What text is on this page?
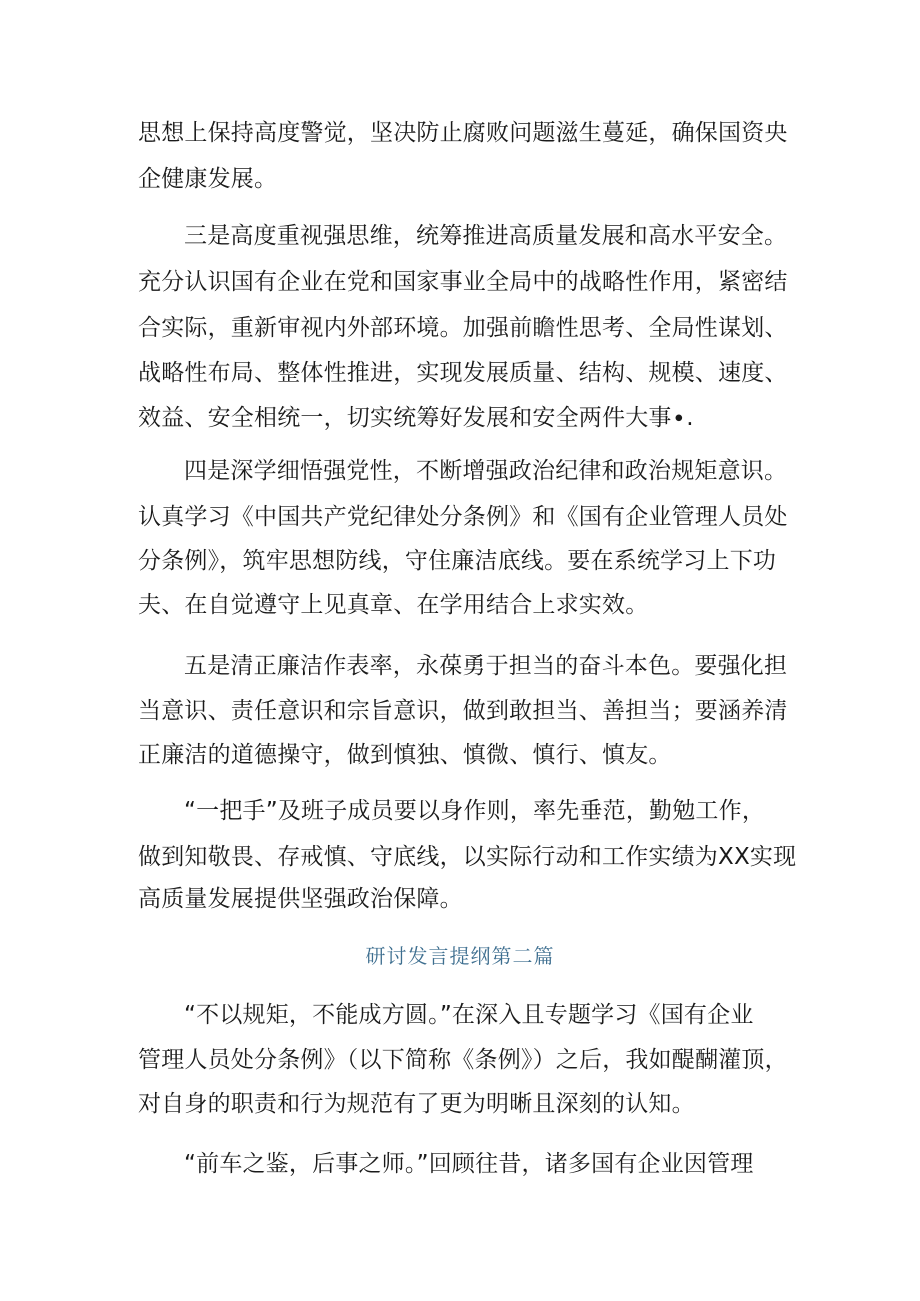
思想上保持高度警觉，坚决防止腐败问题滋生蔓延，确保国资央
企健康发展。
三是高度重视强思维，统筹推进高质量发展和高水平安全。
充分认识国有企业在党和国家事业全局中的战略性作用，紧密结
合实际，重新审视内外部环境。加强前瞻性思考、全局性谋划、
战略性布局、整体性推进，实现发展质量、结构、规模、速度、
效益、安全相统一，切实统筹好发展和安全两件大事∙.
四是深学细悟强党性，不断增强政治纪律和政治规矩意识。
认真学习《中国共产党纪律处分条例》和《国有企业管理人员处
分条例》，筑牢思想防线，守住廉洁底线。要在系统学习上下功
夫、在自觉遵守上见真章、在学用结合上求实效。
五是清正廉洁作表率，永葆勇于担当的奋斗本色。要强化担
当意识、责任意识和宗旨意识，做到敢担当、善担当；要涵养清
正廉洁的道德操守，做到慎独、慎微、慎行、慎友。
“一把手”及班子成员要以身作则，率先垂范，勤勉工作，
做到知敬畏、存戒慎、守底线，以实际行动和工作实绩为XX实现
高质量发展提供坚强政治保障。
研讨发言提纲第二篇
“不以规矩，不能成方圆。”在深入且专题学习《国有企业
管理人员处分条例》（以下简称《条例》）之后，我如醍醐灌顶，
对自身的职责和行为规范有了更为明晰且深刻的认知。
“前车之鉴，后事之师。”回顾往昔，诸多国有企业因管理
